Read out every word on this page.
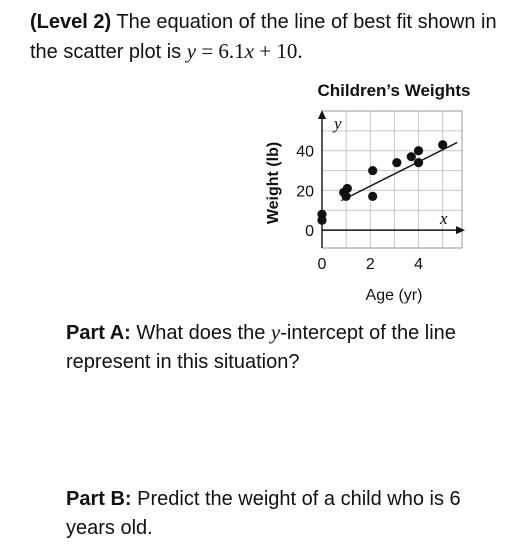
(Level 2) The equation of the line of best fit shown in the scatter plot is y = 6.1x + 10.

y
x
0
20
40
0 2 4
Children’s Weights
Age (yr)
Weight (lb)

Part A: What does the y-intercept of the line represent in this situation?

Part B: Predict the weight of a child who is 6 years old.
